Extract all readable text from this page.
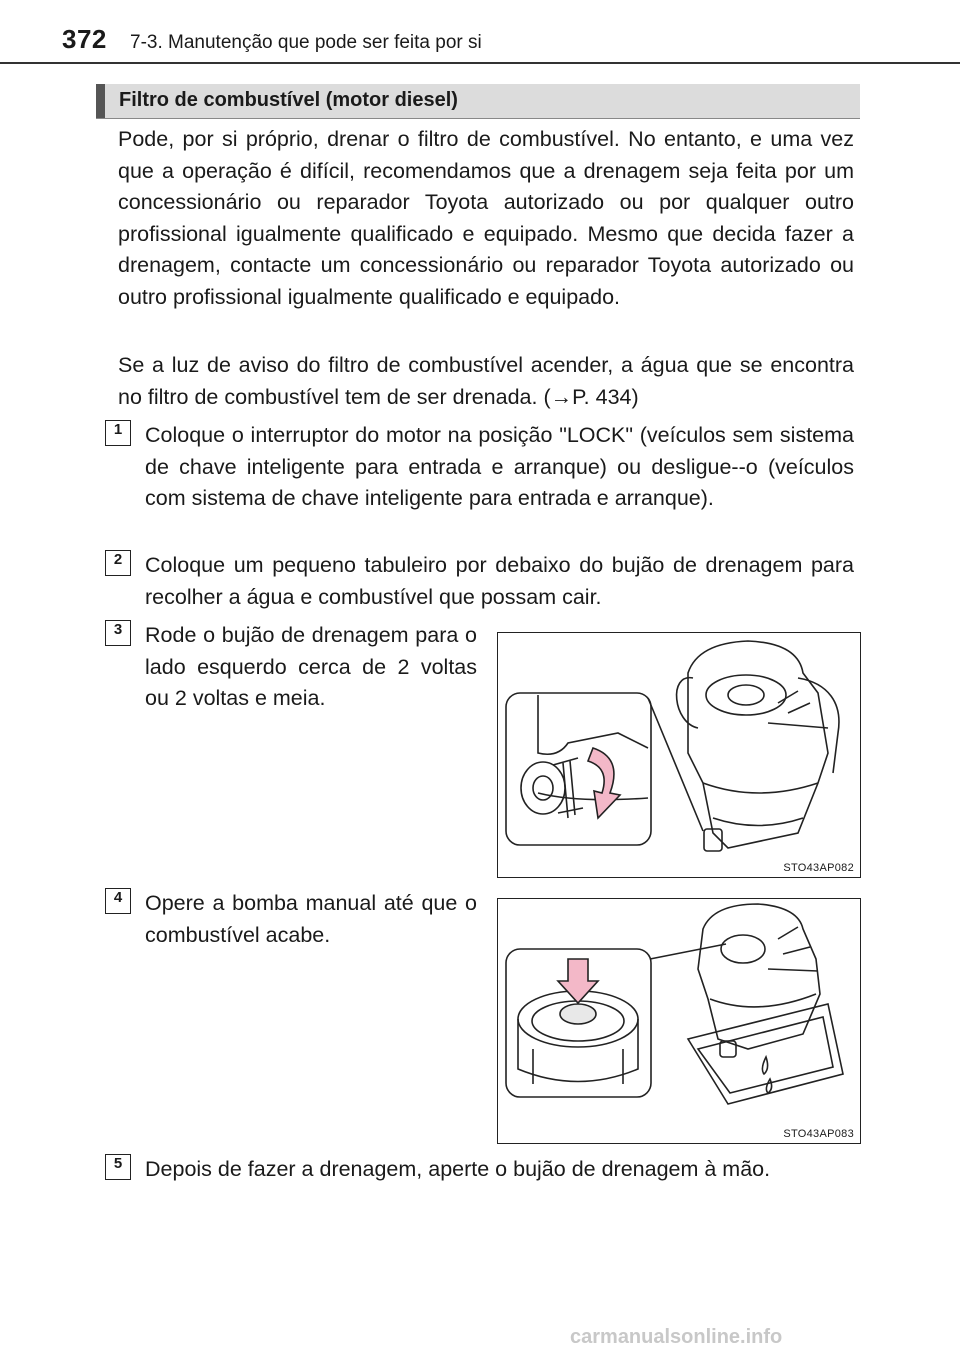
372 7-3. Manutenção que pode ser feita por si
Filtro de combustível (motor diesel)

Pode, por si próprio, drenar o filtro de combustível. No entanto, e uma vez que a operação é difícil, recomendamos que a drenagem seja feita por um concessionário ou reparador Toyota autorizado ou por qualquer outro profissional igualmente qualificado e equipado. Mesmo que decida fazer a drenagem, contacte um concessionário ou reparador Toyota autorizado ou outro profissional igualmente qualificado e equipado.

Se a luz de aviso do filtro de combustível acender, a água que se encontra no filtro de combustível tem de ser drenada. (→P. 434)

1 Coloque o interruptor do motor na posição "LOCK" (veículos sem sistema de chave inteligente para entrada e arranque) ou desligue--o (veículos com sistema de chave inteligente para entrada e arranque).

2 Coloque um pequeno tabuleiro por debaixo do bujão de drenagem para recolher a água e combustível que possam cair.

3 Rode o bujão de drenagem para o lado esquerdo cerca de 2 voltas ou 2 voltas e meia.

STO43AP082
4 Opere a bomba manual até que o combustível acabe.

STO43AP083
5 Depois de fazer a drenagem, aperte o bujão de drenagem à mão.

carmanualsonline.info
